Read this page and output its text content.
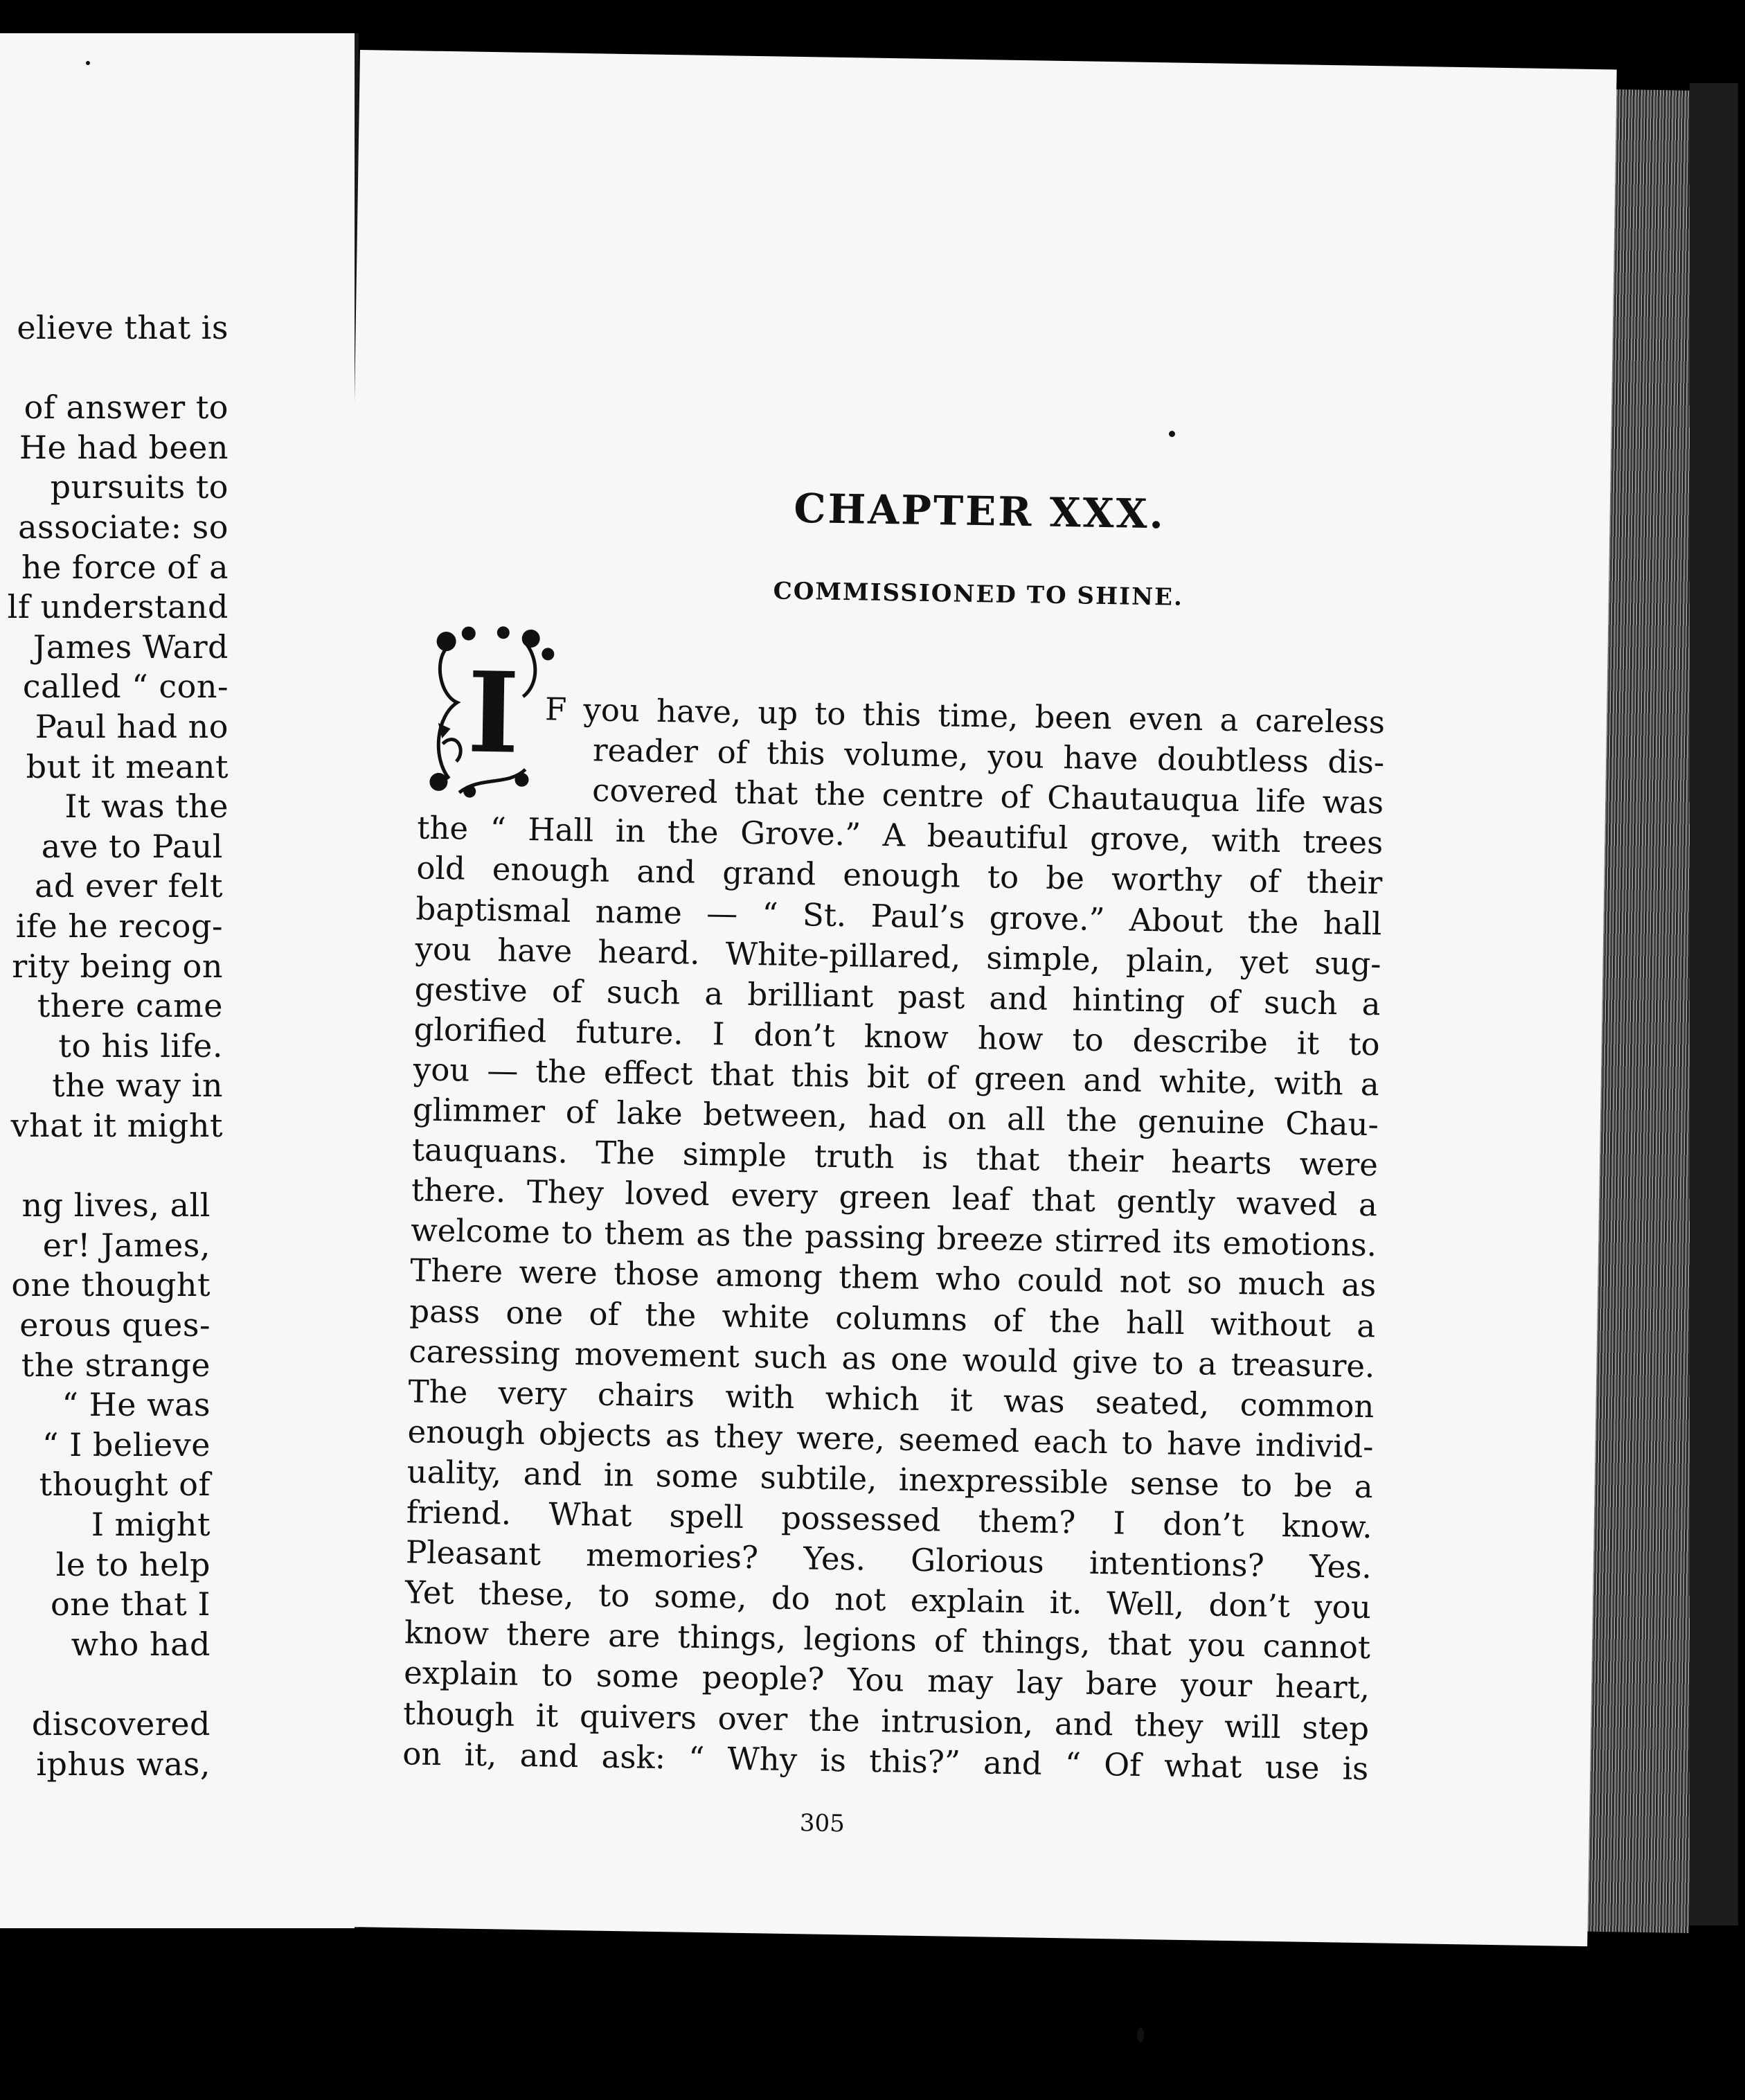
elieve that is
of answer to
He had been
pursuits to
associate: so
he force of a
lf understand
James Ward
called “ con-
Paul had no
but it meant
It was the
ave to Paul
ad ever felt
ife he recog-
rity being on
there came
to his life.
the way in
vhat it might
ng lives, all
er! James,
one thought
erous ques-
the strange
“ He was
“ I believe
thought of
I might
le to help
one that I
who had
discovered
iphus was,
CHAPTER XXX.
COMMISSIONED TO SHINE.
I F you have, up to this time, been even a careless
reader of this volume, you have doubtless dis-
covered that the centre of Chautauqua life was
the “ Hall in the Grove.” A beautiful grove, with trees
old enough and grand enough to be worthy of their
baptismal name — “ St. Paul’s grove.” About the hall
you have heard. White-pillared, simple, plain, yet sug-
gestive of such a brilliant past and hinting of such a
glorified future. I don’t know how to describe it to
you — the effect that this bit of green and white, with a
glimmer of lake between, had on all the genuine Chau-
tauquans. The simple truth is that their hearts were
there. They loved every green leaf that gently waved a
welcome to them as the passing breeze stirred its emotions.
There were those among them who could not so much as
pass one of the white columns of the hall without a
caressing movement such as one would give to a treasure.
The very chairs with which it was seated, common
enough objects as they were, seemed each to have individ-
uality, and in some subtile, inexpressible sense to be a
friend. What spell possessed them? I don’t know.
Pleasant memories? Yes. Glorious intentions? Yes.
Yet these, to some, do not explain it. Well, don’t you
know there are things, legions of things, that you cannot
explain to some people? You may lay bare your heart,
though it quivers over the intrusion, and they will step
on it, and ask: “ Why is this?” and “ Of what use is
305
